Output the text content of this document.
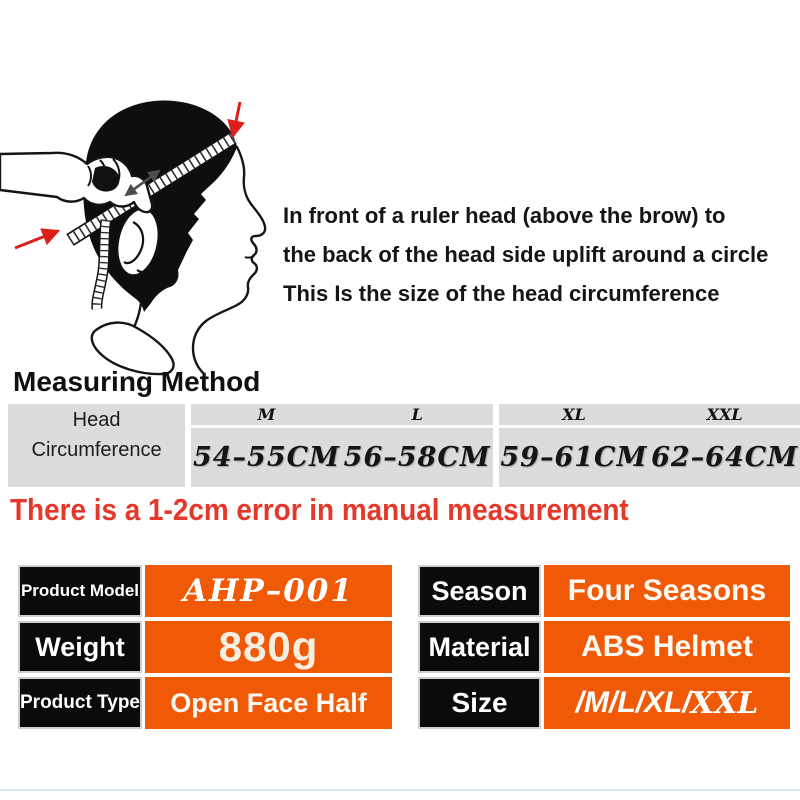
In front of a ruler head (above the brow) to
the back of the head side uplift around a circle
This Is the size of the head circumference
Measuring Method
Head
Circumference	M	L	XL	XXL
	54–55CM	56–58CM	59–61CM	62–64CM
There is a 1-2cm error in manual measurement
Product Model	AHP–001
Weight	880g
Product Type	Open Face Half
Season	Four Seasons
Material	ABS Helmet
Size	/M/L/XL/ XXL
